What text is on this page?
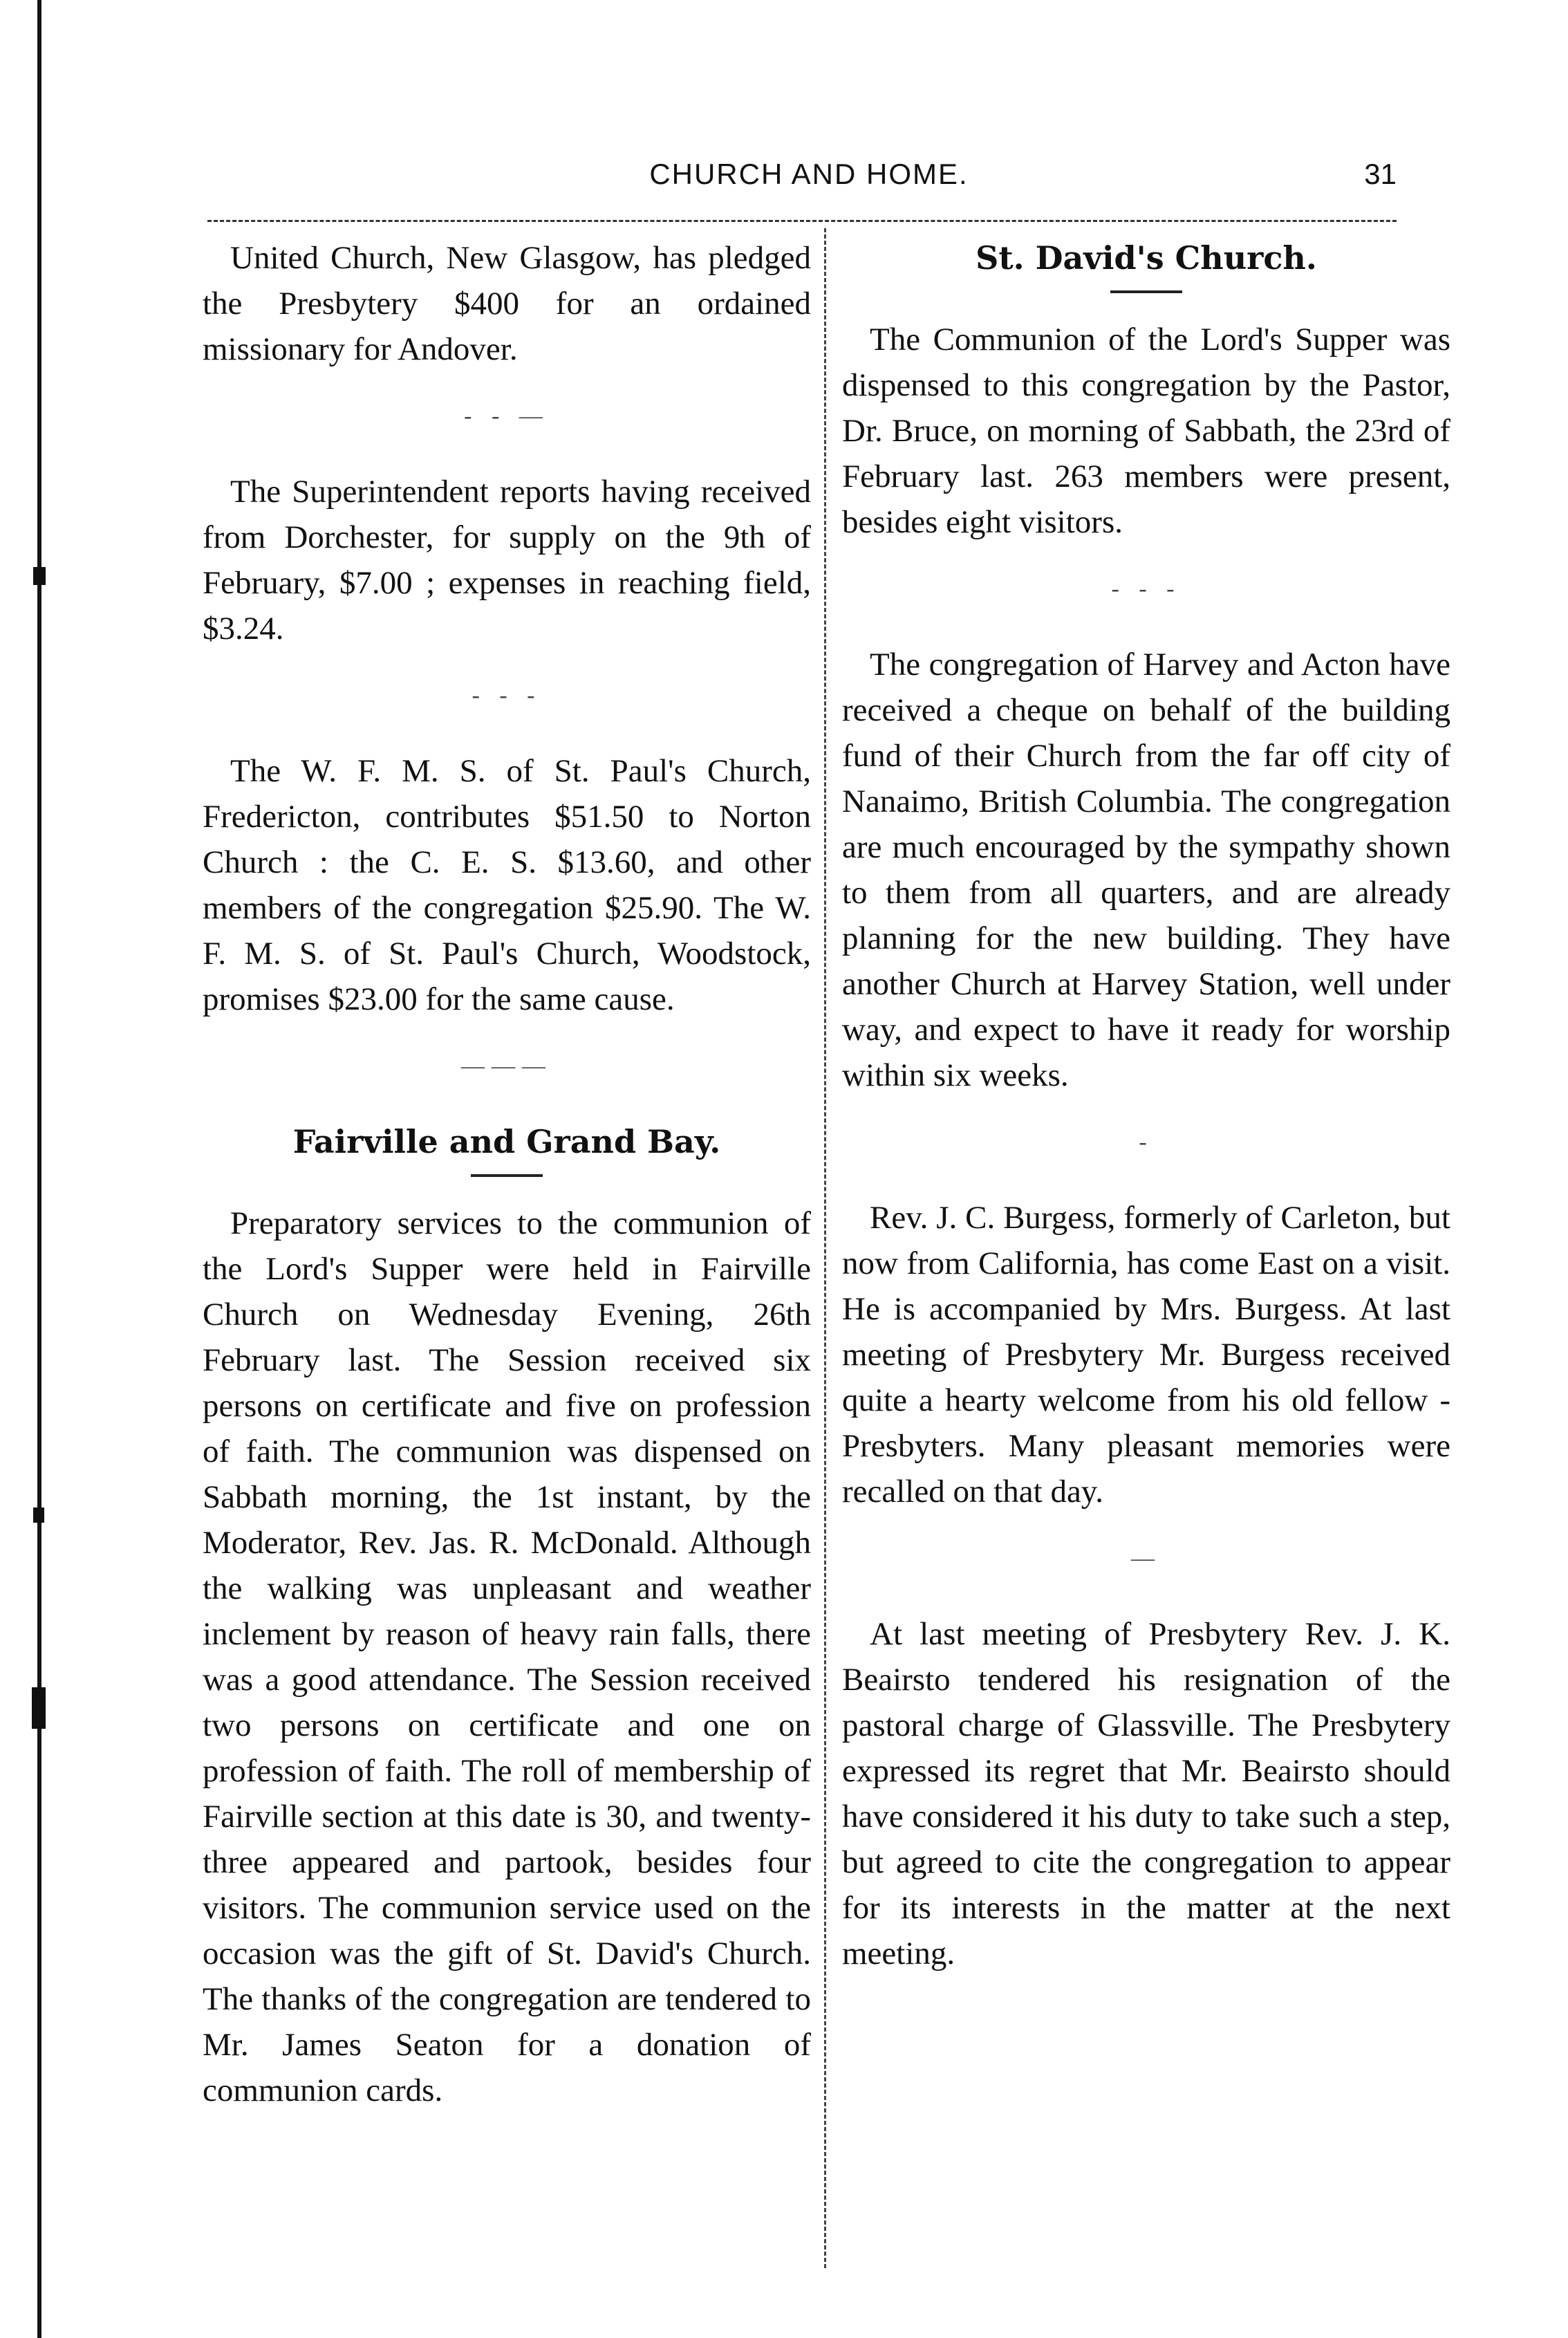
CHURCH AND HOME.	31

United Church, New Glasgow, has pledged the Presbytery $400 for an ordained missionary for Andover.

- - —

The Superintendent reports having received from Dorchester, for supply on the 9th of February, $7.00 ; expenses in reaching field, $3.24.

- - -

The W. F. M. S. of St. Paul's Church, Fredericton, contributes $51.50 to Norton Church : the C. E. S. $13.60, and other members of the congregation $25.90. The W. F. M. S. of St. Paul's Church, Woodstock, promises $23.00 for the same cause.

———
Fairville and Grand Bay.

Preparatory services to the communion of the Lord's Supper were held in Fairville Church on Wednesday Evening, 26th February last. The Session received six persons on certificate and five on profession of faith. The communion was dispensed on Sabbath morning, the 1st instant, by the Moderator, Rev. Jas. R. McDonald. Although the walking was unpleasant and weather inclement by reason of heavy rain falls, there was a good attendance. The Session received two persons on certificate and one on profession of faith. The roll of membership of Fairville section at this date is 30, and twenty-three appeared and partook, besides four visitors. The communion service used on the occasion was the gift of St. David's Church. The thanks of the congregation are tendered to Mr. James Seaton for a donation of communion cards.

St. David's Church.

The Communion of the Lord's Supper was dispensed to this congregation by the Pastor, Dr. Bruce, on morning of Sabbath, the 23rd of February last. 263 members were present, besides eight visitors.

- - -

The congregation of Harvey and Acton have received a cheque on behalf of the building fund of their Church from the far off city of Nanaimo, British Columbia. The congregation are much encouraged by the sympathy shown to them from all quarters, and are already planning for the new building. They have another Church at Harvey Station, well under way, and expect to have it ready for worship within six weeks.

-

Rev. J. C. Burgess, formerly of Carleton, but now from California, has come East on a visit. He is accompanied by Mrs. Burgess. At last meeting of Presbytery Mr. Burgess received quite a hearty welcome from his old fellow - Presbyters. Many pleasant memories were recalled on that day.

—

At last meeting of Presbytery Rev. J. K. Beairsto tendered his resignation of the pastoral charge of Glassville. The Presbytery expressed its regret that Mr. Beairsto should have considered it his duty to take such a step, but agreed to cite the congregation to appear for its interests in the matter at the next meeting.
